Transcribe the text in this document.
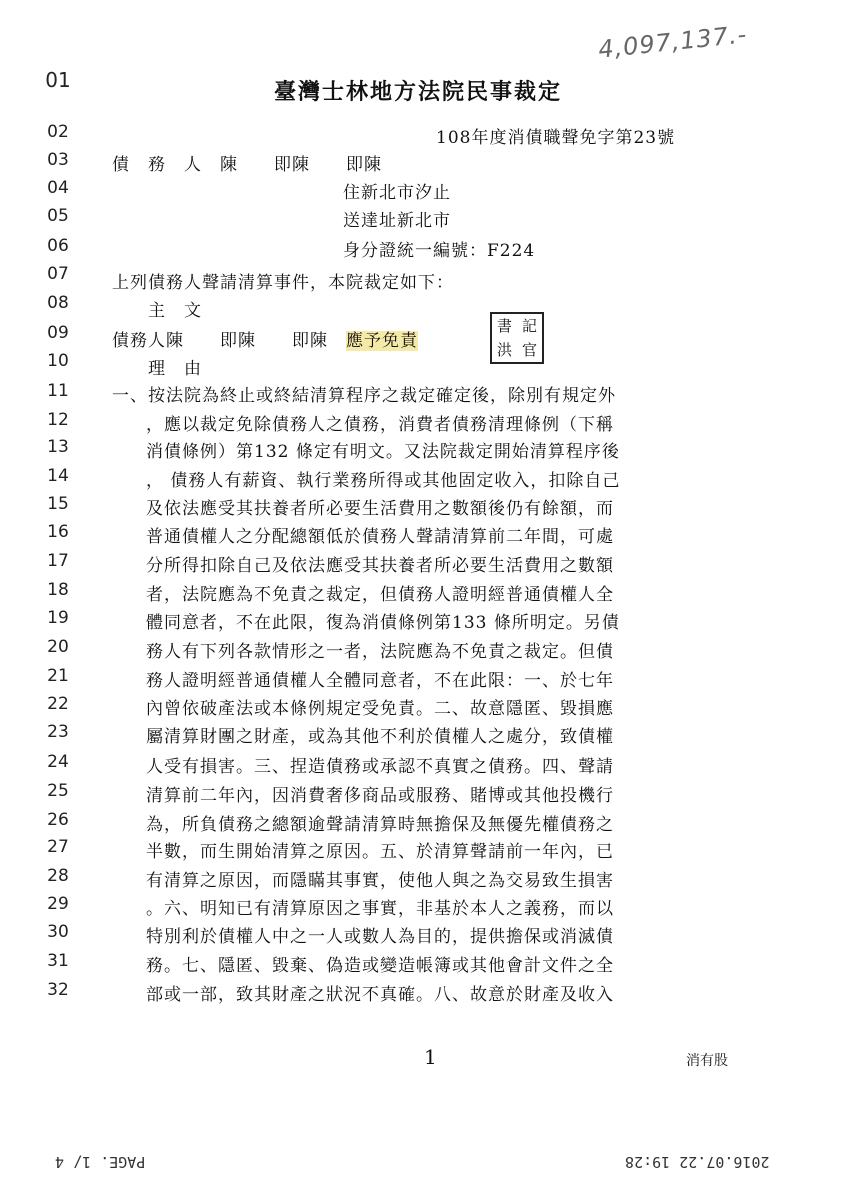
4,097,137.-
01
02
03
04
05
06
07
08
09
10
11
12
13
14
15
16
17
18
19
20
21
22
23
24
25
26
27
28
29
30
31
32
臺灣士林地方法院民事裁定
108年度消債職聲免字第23號
債　務　人　陳　　即陳　　即陳
住新北市汐止
送達址新北市
身分證統一編號：F224
上列債務人聲請清算事件，本院裁定如下：
主　文
債務人陳　　即陳　　即陳　應予免責
書 記
洪 官
理　由
一、按法院為終止或終結清算程序之裁定確定後，除別有規定外
，應以裁定免除債務人之債務，消費者債務清理條例（下稱
消債條例）第132 條定有明文。又法院裁定開始清算程序後
， 債務人有薪資、執行業務所得或其他固定收入，扣除自己
及依法應受其扶養者所必要生活費用之數額後仍有餘額，而
普通債權人之分配總額低於債務人聲請清算前二年間，可處
分所得扣除自己及依法應受其扶養者所必要生活費用之數額
者，法院應為不免責之裁定，但債務人證明經普通債權人全
體同意者，不在此限，復為消債條例第133 條所明定。另債
務人有下列各款情形之一者，法院應為不免責之裁定。但債
務人證明經普通債權人全體同意者，不在此限：一、於七年
內曾依破產法或本條例規定受免責。二、故意隱匿、毀損應
屬清算財團之財產，或為其他不利於債權人之處分，致債權
人受有損害。三、捏造債務或承認不真實之債務。四、聲請
清算前二年內，因消費奢侈商品或服務、賭博或其他投機行
為，所負債務之總額逾聲請清算時無擔保及無優先權債務之
半數，而生開始清算之原因。五、於清算聲請前一年內，已
有清算之原因，而隱瞞其事實，使他人與之為交易致生損害
。六、明知已有清算原因之事實，非基於本人之義務，而以
特別利於債權人中之一人或數人為目的，提供擔保或消滅債
務。七、隱匿、毀棄、偽造或變造帳簿或其他會計文件之全
部或一部，致其財產之狀況不真確。八、故意於財產及收入
1	消有股
PAGE. 1/ 4	2016.07.22 19:28
